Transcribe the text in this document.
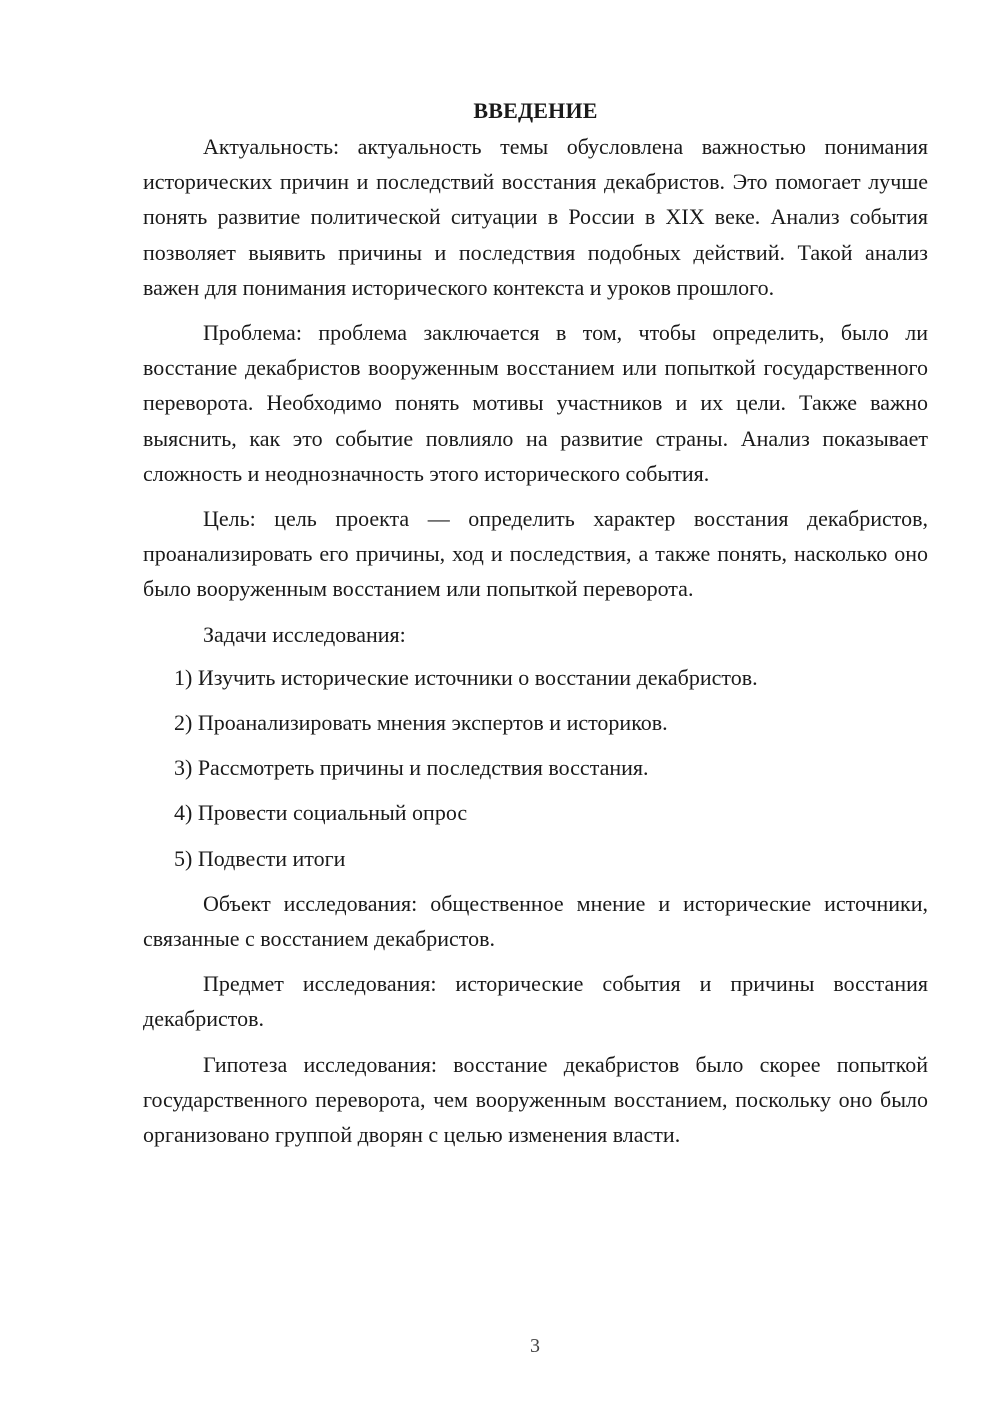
ВВЕДЕНИЕ

Актуальность: актуальность темы обусловлена важностью понимания исторических причин и последствий восстания декабристов. Это помогает лучше понять развитие политической ситуации в России в XIX веке. Анализ события позволяет выявить причины и последствия подобных действий. Такой анализ важен для понимания исторического контекста и уроков прошлого.

Проблема: проблема заключается в том, чтобы определить, было ли восстание декабристов вооруженным восстанием или попыткой государственного переворота. Необходимо понять мотивы участников и их цели. Также важно выяснить, как это событие повлияло на развитие страны. Анализ показывает сложность и неоднозначность этого исторического события.

Цель: цель проекта — определить характер восстания декабристов, проанализировать его причины, ход и последствия, а также понять, насколько оно было вооруженным восстанием или попыткой переворота.

Задачи исследования:

1) Изучить исторические источники о восстании декабристов.
2) Проанализировать мнения экспертов и историков.
3) Рассмотреть причины и последствия восстания.
4) Провести социальный опрос
5) Подвести итоги

Объект исследования: общественное мнение и исторические источники, связанные с восстанием декабристов.

Предмет исследования: исторические события и причины восстания декабристов.

Гипотеза исследования: восстание декабристов было скорее попыткой государственного переворота, чем вооруженным восстанием, поскольку оно было организовано группой дворян с целью изменения власти.

3
